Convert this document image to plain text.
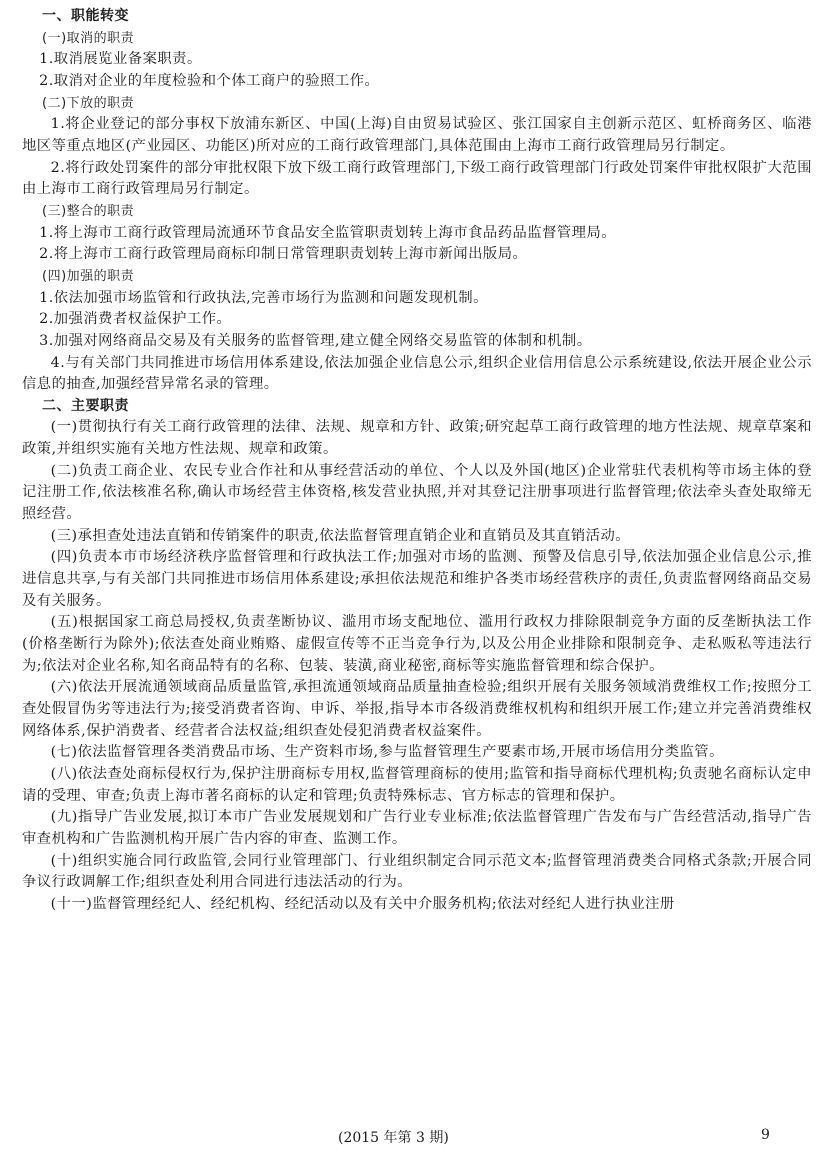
一、职能转变

(一)取消的职责

1.取消展览业备案职责。

2.取消对企业的年度检验和个体工商户的验照工作。

(二)下放的职责

1.将企业登记的部分事权下放浦东新区、中国(上海)自由贸易试验区、张江国家自主创新示范区、虹桥商务区、临港地区等重点地区(产业园区、功能区)所对应的工商行政管理部门,具体范围由上海市工商行政管理局另行制定。

2.将行政处罚案件的部分审批权限下放下级工商行政管理部门,下级工商行政管理部门行政处罚案件审批权限扩大范围由上海市工商行政管理局另行制定。

(三)整合的职责

1.将上海市工商行政管理局流通环节食品安全监管职责划转上海市食品药品监督管理局。

2.将上海市工商行政管理局商标印制日常管理职责划转上海市新闻出版局。

(四)加强的职责

1.依法加强市场监管和行政执法,完善市场行为监测和问题发现机制。

2.加强消费者权益保护工作。

3.加强对网络商品交易及有关服务的监督管理,建立健全网络交易监管的体制和机制。

4.与有关部门共同推进市场信用体系建设,依法加强企业信息公示,组织企业信用信息公示系统建设,依法开展企业公示信息的抽查,加强经营异常名录的管理。

二、主要职责

(一)贯彻执行有关工商行政管理的法律、法规、规章和方针、政策;研究起草工商行政管理的地方性法规、规章草案和政策,并组织实施有关地方性法规、规章和政策。

(二)负责工商企业、农民专业合作社和从事经营活动的单位、个人以及外国(地区)企业常驻代表机构等市场主体的登记注册工作,依法核准名称,确认市场经营主体资格,核发营业执照,并对其登记注册事项进行监督管理;依法牵头查处取缔无照经营。

(三)承担查处违法直销和传销案件的职责,依法监督管理直销企业和直销员及其直销活动。

(四)负责本市市场经济秩序监督管理和行政执法工作;加强对市场的监测、预警及信息引导,依法加强企业信息公示,推进信息共享,与有关部门共同推进市场信用体系建设;承担依法规范和维护各类市场经营秩序的责任,负责监督网络商品交易及有关服务。

(五)根据国家工商总局授权,负责垄断协议、滥用市场支配地位、滥用行政权力排除限制竞争方面的反垄断执法工作(价格垄断行为除外);依法查处商业贿赂、虚假宣传等不正当竞争行为,以及公用企业排除和限制竞争、走私贩私等违法行为;依法对企业名称,知名商品特有的名称、包装、装潢,商业秘密,商标等实施监督管理和综合保护。

(六)依法开展流通领域商品质量监管,承担流通领域商品质量抽查检验;组织开展有关服务领域消费维权工作;按照分工查处假冒伪劣等违法行为;接受消费者咨询、申诉、举报,指导本市各级消费维权机构和组织开展工作;建立并完善消费维权网络体系,保护消费者、经营者合法权益;组织查处侵犯消费者权益案件。

(七)依法监督管理各类消费品市场、生产资料市场,参与监督管理生产要素市场,开展市场信用分类监管。

(八)依法查处商标侵权行为,保护注册商标专用权,监督管理商标的使用;监管和指导商标代理机构;负责驰名商标认定申请的受理、审查;负责上海市著名商标的认定和管理;负责特殊标志、官方标志的管理和保护。

(九)指导广告业发展,拟订本市广告业发展规划和广告行业专业标准;依法监督管理广告发布与广告经营活动,指导广告审查机构和广告监测机构开展广告内容的审查、监测工作。

(十)组织实施合同行政监管,会同行业管理部门、行业组织制定合同示范文本;监督管理消费类合同格式条款;开展合同争议行政调解工作;组织查处利用合同进行违法活动的行为。

(十一)监督管理经纪人、经纪机构、经纪活动以及有关中介服务机构;依法对经纪人进行执业注册

(2015 年第 3 期)	9
